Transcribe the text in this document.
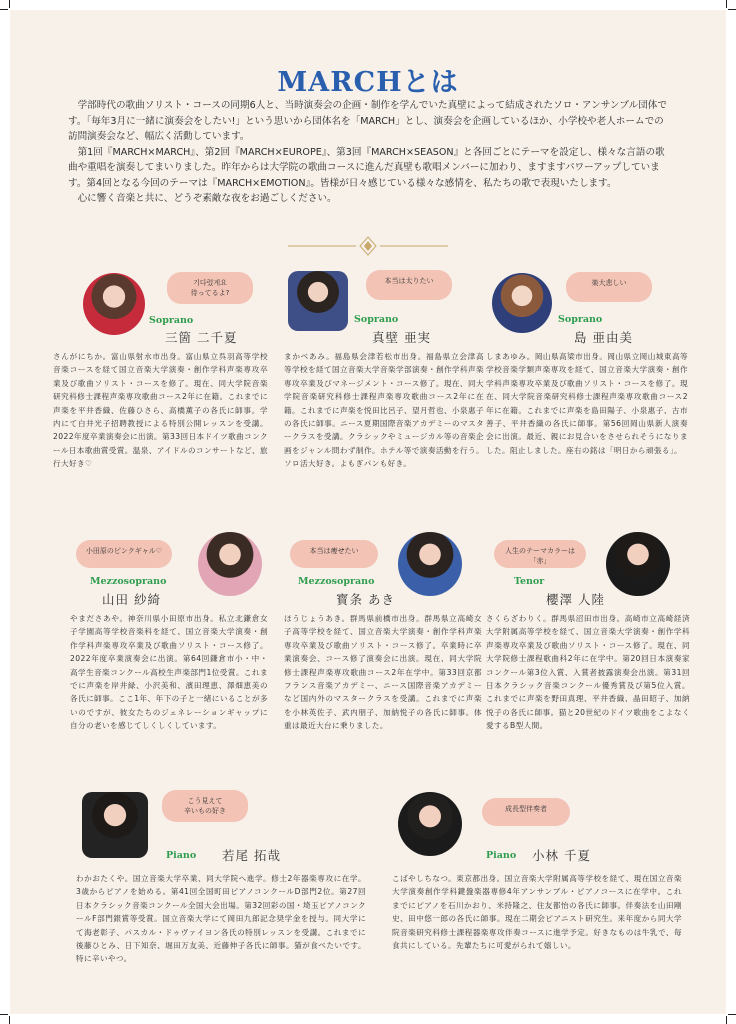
MARCHとは

学部時代の歌曲ソリスト・コースの同期6人と、当時演奏会の企画・制作を学んでいた真壁によって結成されたソロ・アンサンブル団体です。「毎年3月に一緒に演奏会をしたい!」という思いから団体名を「MARCH」とし、演奏会を企画しているほか、小学校や老人ホームでの訪問演奏会など、幅広く活動しています。

第1回『MARCH×MARCH』、第2回『MARCH×EUROPE』、第3回『MARCH×SEASON』と各回ごとにテーマを設定し、様々な言語の歌曲や重唱を演奏してまいりました。昨年からは大学院の歌曲コースに進んだ真壁も歌唱メンバーに加わり、ますますパワーアップしています。第4回となる今回のテーマは『MARCH×EMOTION』。皆様が日々感じている様々な感情を、私たちの歌で表現いたします。

心に響く音楽と共に、どうぞ素敵な夜をお過ごしください。

기다렸게요
待ってるよ?
Soprano
三箇 二千夏
さんがにちか。富山県射水市出身。富山県立呉羽高等学校音楽コースを経て国立音楽大学演奏・創作学科声楽専攻卒業及び歌曲ソリスト・コースを修了。現在、同大学院音楽研究科修士課程声楽専攻歌曲コース2年に在籍。これまでに声楽を平井香織、佐藤ひさら、高橋薫子の各氏に師事。学内にて白井光子招聘教授による特別公開レッスンを受講。2022年度卒業演奏会に出演。第33回日本ドイツ歌曲コンクール日本歌曲賞受賞。温泉、アイドルのコンサートなど、旅行大好き♡
本当は太りたい
Soprano
真壁 亜実
まかべあみ。福島県会津若松市出身。福島県立会津高等学校を経て国立音楽大学音楽学部演奏・創作学科声楽専攻卒業及びマネージメント・コース修了。現在、同大学院音楽研究科修士課程声楽専攻歌曲コース2年に在籍。これまでに声楽を悦田比呂子、望月哲也、小泉惠子の各氏に師事。ニース夏期国際音楽アカデミーのマスタークラスを受講。クラシックやミュージカル等の音楽企画をジャンル問わず制作。ホテル等で演奏活動を行う。ソロ活大好き。よもぎパンも好き。
楽大悲しい
Soprano
島 亜由美
しまあゆみ。岡山県高梁市出身。岡山県立岡山城東高等学校音楽学類声楽専攻を経て、国立音楽大学演奏・創作学科声楽専攻卒業及び歌曲ソリスト・コースを修了。現在、同大学院音楽研究科修士課程声楽専攻歌曲コース2年に在籍。これまでに声楽を島田陽子、小泉惠子、古市善子、平井香織の各氏に師事。第56回岡山県新人演奏会に出演。最近、親にお見合いをさせられそうになりました。阻止しました。座右の銘は「明日から頑張る」。
小田原のピンクギャル♡
Mezzosoprano
山田 紗綺
やまださあや。神奈川県小田原市出身。私立北鎌倉女子学園高等学校音楽科を経て、国立音楽大学演奏・創作学科声楽専攻卒業及び歌曲ソリスト・コース修了。2022年度卒業演奏会に出演。第64回鎌倉市小・中・高学生音楽コンクール高校生声楽部門1位受賞。これまでに声楽を岸井緑、小沢美和、濱田理恵、澤畑恵美の各氏に師事。ここ1年、年下の子と一緒にいることが多いのですが、彼女たちのジェネレーションギャップに自分の老いを感じてしくしくしています。
本当は痩せたい
Mezzosoprano
寳条 あき
ほうじょうあき。群馬県前橋市出身。群馬県立高崎女子高等学校を経て、国立音楽大学演奏・創作学科声楽専攻卒業及び歌曲ソリスト・コース修了。卒業時に卒業演奏会、コース修了演奏会に出演。現在、同大学院修士課程声楽専攻歌曲コース2年在学中。第33回京都フランス音楽アカデミー、ニース国際音楽アカデミーなど国内外のマスタークラスを受講。これまでに声楽を小林英佐子、武内朋子、加納悦子の各氏に師事。体重は最近大台に乗りました。
人生のテーマカラーは「赤」
Tenor
櫻澤 人陸
さくらざわりく。群馬県沼田市出身。高崎市立高崎経済大学附属高等学校を経て、国立音楽大学演奏・創作学科声楽専攻卒業及び歌曲ソリスト・コース修了。現在、同大学院修士課程歌曲科2年に在学中。第20回日本演奏家コンクール第3位入賞、入賞者披露演奏会出演。第31回日本クラシック音楽コンクール優秀賞及び第5位入賞。これまでに声楽を野田真理、平井香織、晶田昭子、加納悦子の各氏に師事。猫と20世紀のドイツ歌曲をこよなく愛するB型人間。
こう見えて
辛いもの好き
Piano 若尾 拓哉
わかおたくや。国立音楽大学卒業、同大学院へ進学。修士2年器楽専攻に在学。3歳からピアノを始める。第41回全国町田ピアノコンクールD部門2位。第27回日本クラシック音楽コンクール全国大会出場。第32回彩の国・埼玉ピアノコンクールF部門銀賞等受賞。国立音楽大学にて岡田九郎記念奨学金を授与。同大学にて海老彰子、パスカル・ドゥヴァイヨン各氏の特別レッスンを受講。これまでに後藤ひとみ、日下知奈、堀田万友美、近藤伸子各氏に師事。猫が食べたいです。特に辛いやつ。
成長型伴奏者
Piano 小林 千夏
こばやしちなつ。東京都出身。国立音楽大学附属高等学校を経て、現在国立音楽大学演奏創作学科鍵盤楽器専修4年アンサンブル・ピアノコースに在学中。これまでにピアノを石川かおり、米持隆之、住友都怡の各氏に師事。伴奏法を山田剛史、田中悠一郎の各氏に師事。現在二期会ピアニスト研究生。来年度から同大学院音楽研究科修士課程器楽専攻伴奏コースに進学予定。好きなものは牛乳で、毎食共にしている。先輩たちに可愛がられて嬉しい。
